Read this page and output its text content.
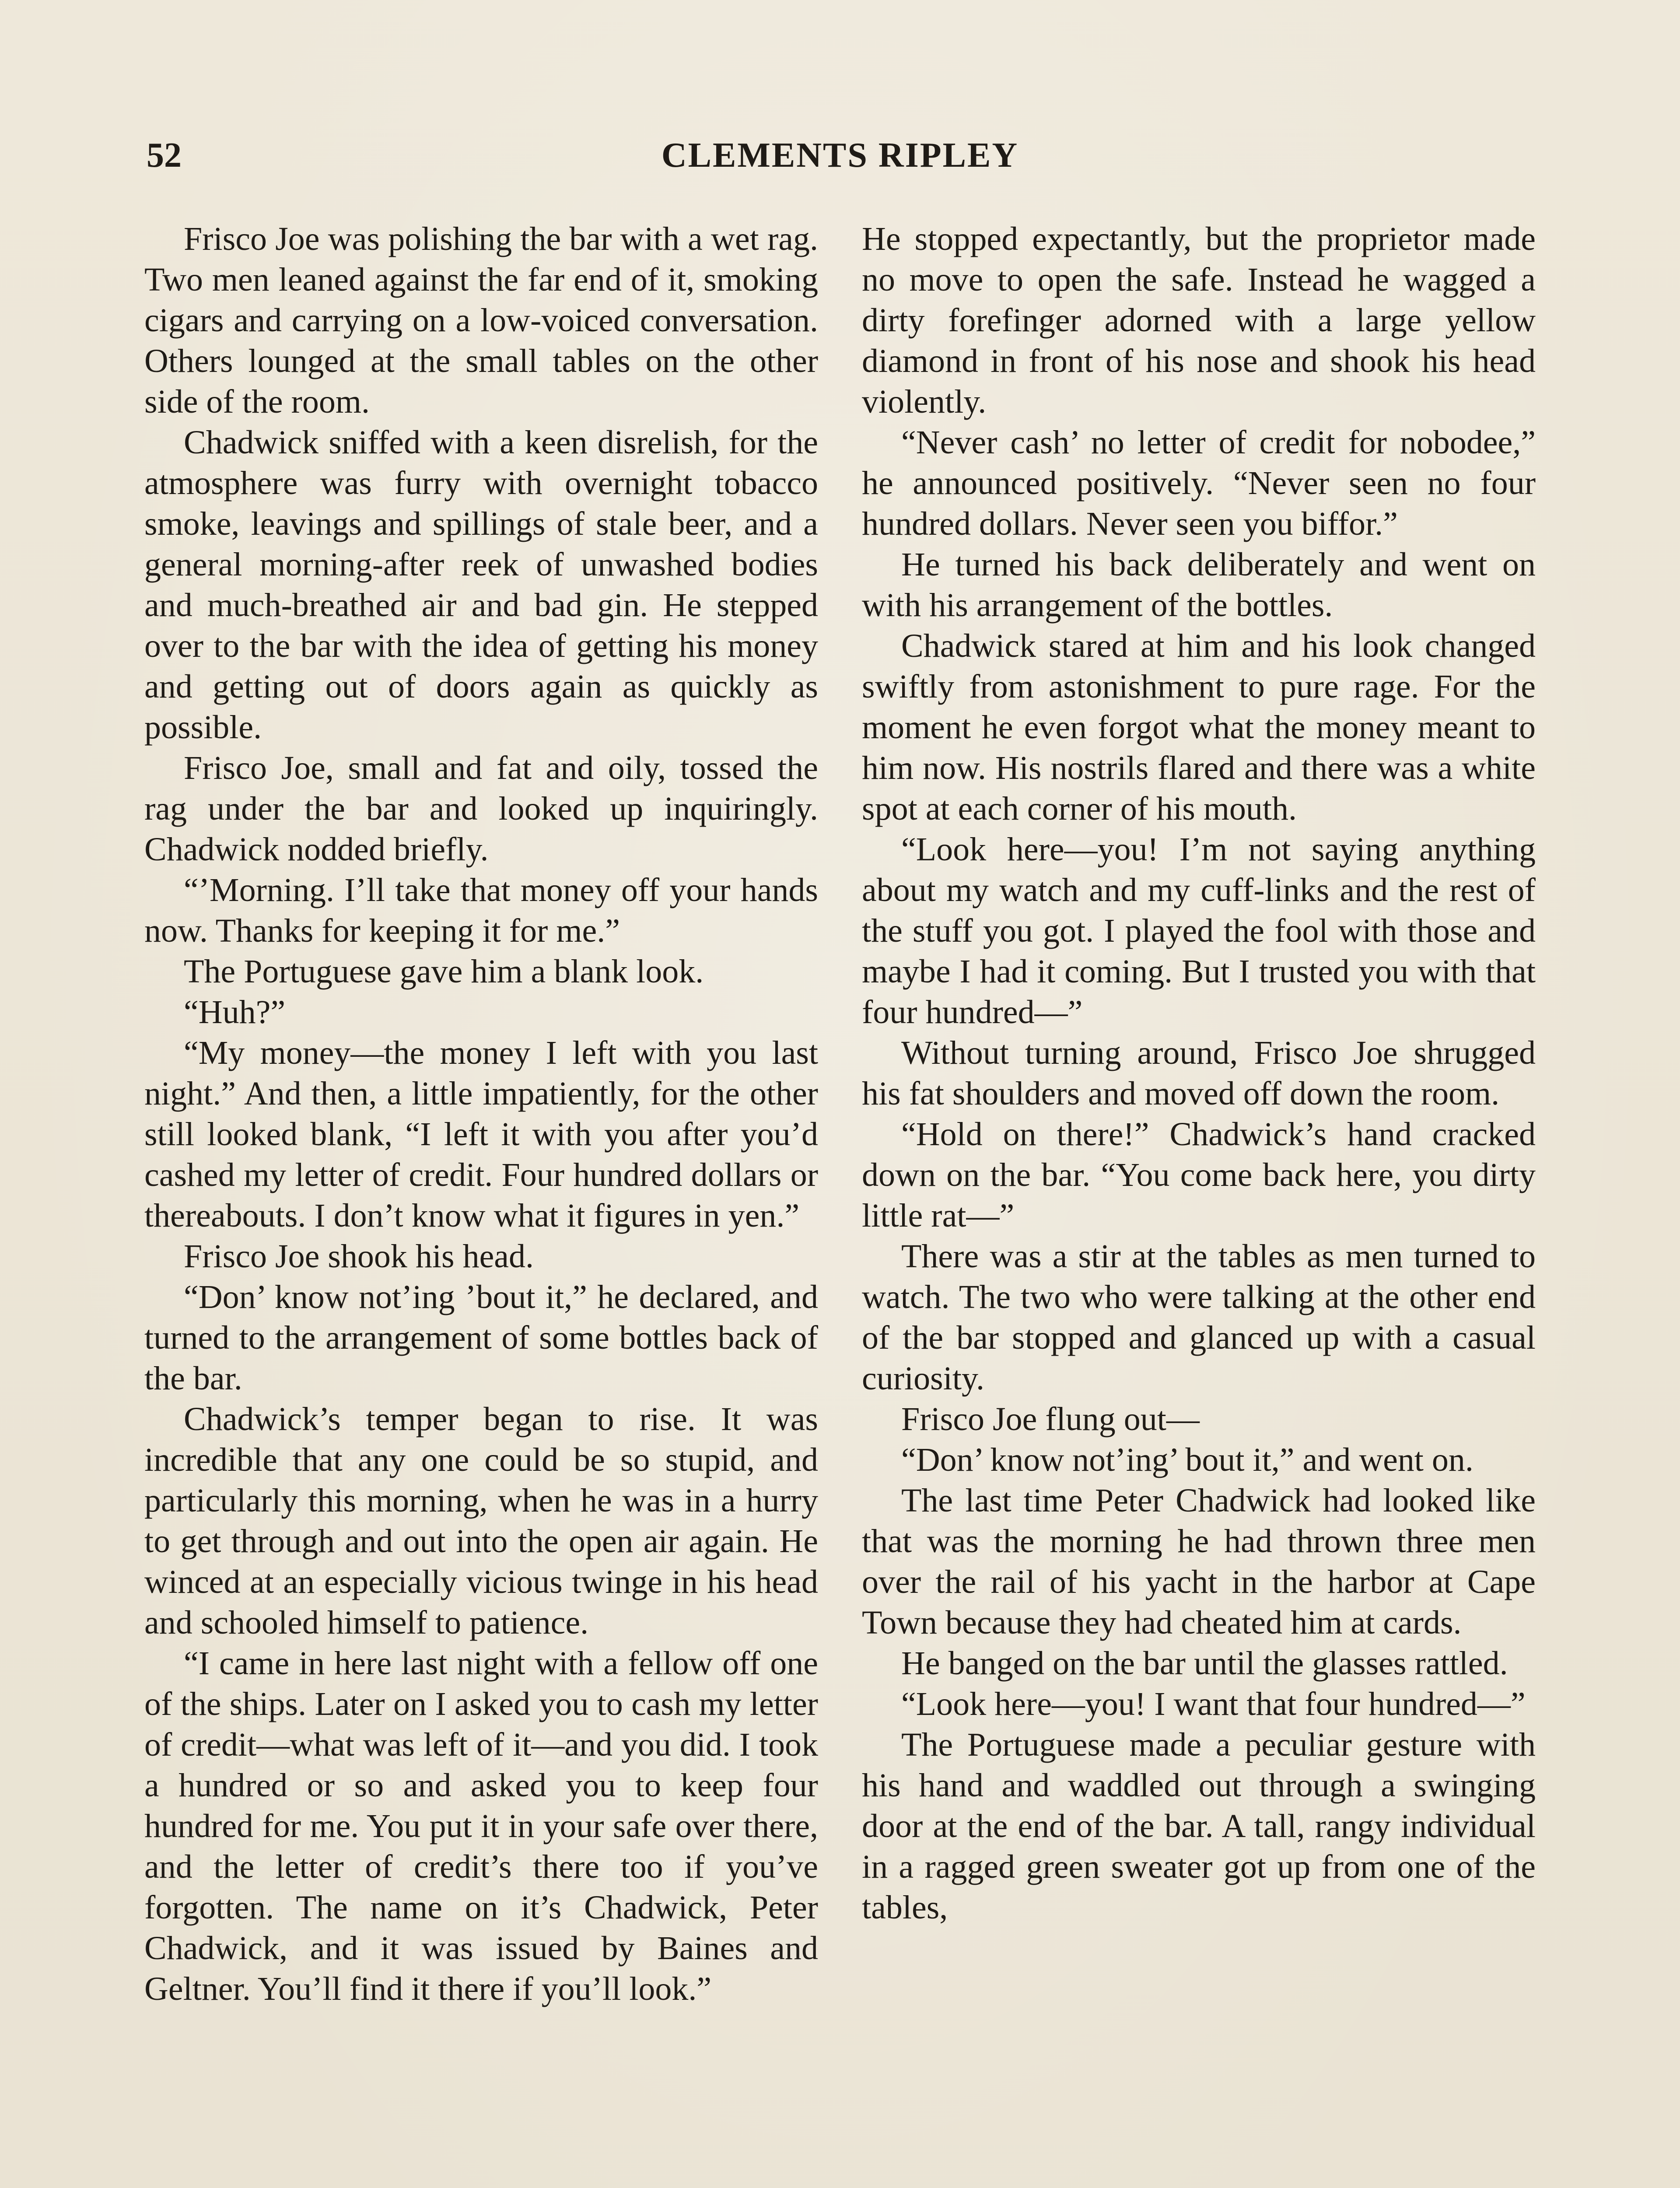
52	CLEMENTS RIPLEY

Frisco Joe was polishing the bar with a wet rag. Two men leaned against the far end of it, smoking cigars and carrying on a low-voiced conversation. Others lounged at the small tables on the other side of the room.

Chadwick sniffed with a keen disrelish, for the atmosphere was furry with overnight tobacco smoke, leavings and spillings of stale beer, and a general morning-after reek of unwashed bodies and much-breathed air and bad gin. He stepped over to the bar with the idea of getting his money and getting out of doors again as quickly as possible.

Frisco Joe, small and fat and oily, tossed the rag under the bar and looked up inquiringly. Chadwick nodded briefly.

“’Morning. I’ll take that money off your hands now. Thanks for keeping it for me.”

The Portuguese gave him a blank look.

“Huh?”

“My money—the money I left with you last night.” And then, a little impatiently, for the other still looked blank, “I left it with you after you’d cashed my letter of credit. Four hundred dollars or thereabouts. I don’t know what it figures in yen.”

Frisco Joe shook his head.

“Don’ know not’ing ’bout it,” he declared, and turned to the arrangement of some bottles back of the bar.

Chadwick’s temper began to rise. It was incredible that any one could be so stupid, and particularly this morning, when he was in a hurry to get through and out into the open air again. He winced at an especially vicious twinge in his head and schooled himself to patience.

“I came in here last night with a fellow off one of the ships. Later on I asked you to cash my letter of credit—what was left of it—and you did. I took a hundred or so and asked you to keep four hundred for me. You put it in your safe over there, and the letter of credit’s there too if you’ve forgotten. The name on it’s Chadwick, Peter Chadwick, and it was issued by Baines and Geltner. You’ll find it there if you’ll look.”

He stopped expectantly, but the proprietor made no move to open the safe. Instead he wagged a dirty forefinger adorned with a large yellow diamond in front of his nose and shook his head violently.

“Never cash’ no letter of credit for nobodee,” he announced positively. “Never seen no four hundred dollars. Never seen you biffor.”

He turned his back deliberately and went on with his arrangement of the bottles.

Chadwick stared at him and his look changed swiftly from astonishment to pure rage. For the moment he even forgot what the money meant to him now. His nostrils flared and there was a white spot at each corner of his mouth.

“Look here—you! I’m not saying anything about my watch and my cuff-links and the rest of the stuff you got. I played the fool with those and maybe I had it coming. But I trusted you with that four hundred—”

Without turning around, Frisco Joe shrugged his fat shoulders and moved off down the room.

“Hold on there!” Chadwick’s hand cracked down on the bar. “You come back here, you dirty little rat—”

There was a stir at the tables as men turned to watch. The two who were talking at the other end of the bar stopped and glanced up with a casual curiosity.

Frisco Joe flung out—

“Don’ know not’ing’ bout it,” and went on.

The last time Peter Chadwick had looked like that was the morning he had thrown three men over the rail of his yacht in the harbor at Cape Town because they had cheated him at cards.

He banged on the bar until the glasses rattled.

“Look here—you! I want that four hundred—”

The Portuguese made a peculiar gesture with his hand and waddled out through a swinging door at the end of the bar. A tall, rangy individual in a ragged green sweater got up from one of the tables,
